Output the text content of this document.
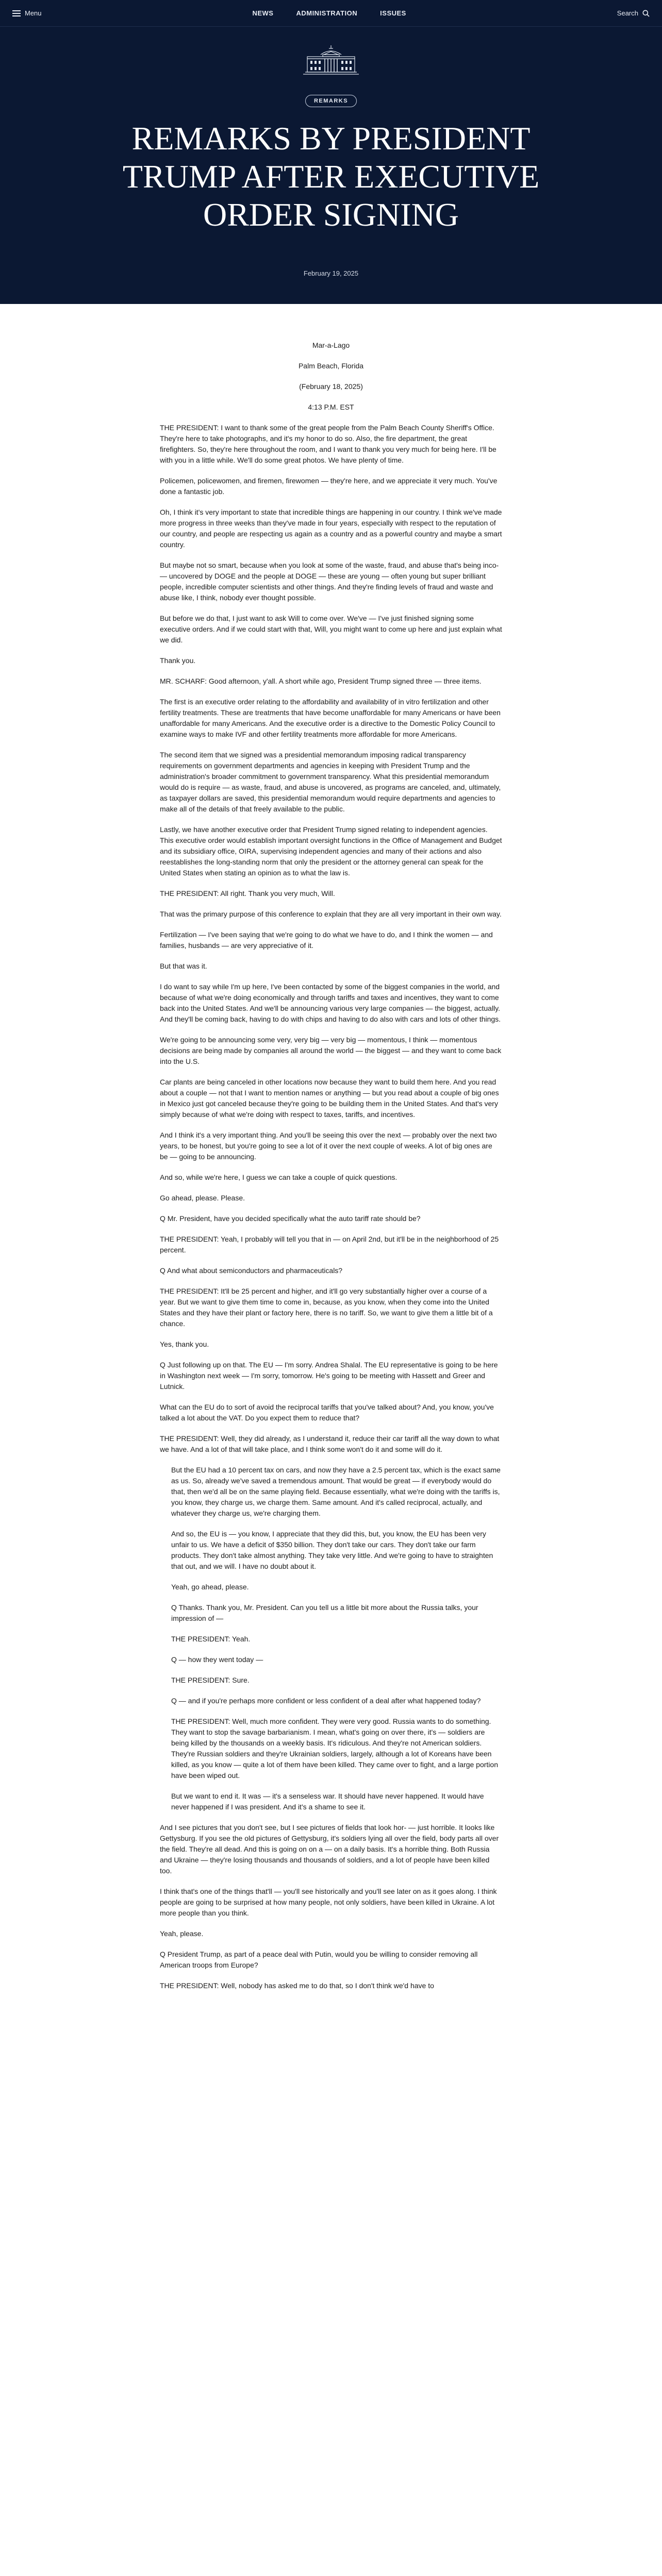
Menu	NEWS	ADMINISTRATION	ISSUES	Search
REMARKS
REMARKS BY PRESIDENT TRUMP AFTER EXECUTIVE ORDER SIGNING
February 19, 2025

Mar-a-Lago

Palm Beach, Florida

(February 18, 2025)

4:13 P.M. EST

THE PRESIDENT: I want to thank some of the great people from the Palm Beach County Sheriff's Office. They're here to take photographs, and it's my honor to do so. Also, the fire department, the great firefighters. So, they're here throughout the room, and I want to thank you very much for being here. I'll be with you in a little while. We'll do some great photos. We have plenty of time.

Policemen, policewomen, and firemen, firewomen — they're here, and we appreciate it very much. You've done a fantastic job.

Oh, I think it's very important to state that incredible things are happening in our country. I think we've made more progress in three weeks than they've made in four years, especially with respect to the reputation of our country, and people are respecting us again as a country and as a powerful country and maybe a smart country.

But maybe not so smart, because when you look at some of the waste, fraud, and abuse that's being inco- — uncovered by DOGE and the people at DOGE — these are young — often young but super brilliant people, incredible computer scientists and other things. And they're finding levels of fraud and waste and abuse like, I think, nobody ever thought possible.

But before we do that, I just want to ask Will to come over. We've — I've just finished signing some executive orders. And if we could start with that, Will, you might want to come up here and just explain what we did.

Thank you.

MR. SCHARF: Good afternoon, y'all. A short while ago, President Trump signed three — three items.

The first is an executive order relating to the affordability and availability of in vitro fertilization and other fertility treatments. These are treatments that have become unaffordable for many Americans or have been unaffordable for many Americans. And the executive order is a directive to the Domestic Policy Council to examine ways to make IVF and other fertility treatments more affordable for more Americans.

The second item that we signed was a presidential memorandum imposing radical transparency requirements on government departments and agencies in keeping with President Trump and the administration's broader commitment to government transparency. What this presidential memorandum would do is require — as waste, fraud, and abuse is uncovered, as programs are canceled, and, ultimately, as taxpayer dollars are saved, this presidential memorandum would require departments and agencies to make all of the details of that freely available to the public.

Lastly, we have another executive order that President Trump signed relating to independent agencies. This executive order would establish important oversight functions in the Office of Management and Budget and its subsidiary office, OIRA, supervising independent agencies and many of their actions and also reestablishes the long-standing norm that only the president or the attorney general can speak for the United States when stating an opinion as to what the law is.

THE PRESIDENT: All right. Thank you very much, Will.

That was the primary purpose of this conference to explain that they are all very important in their own way.

Fertilization — I've been saying that we're going to do what we have to do, and I think the women — and families, husbands — are very appreciative of it.

But that was it.

I do want to say while I'm up here, I've been contacted by some of the biggest companies in the world, and because of what we're doing economically and through tariffs and taxes and incentives, they want to come back into the United States. And we'll be announcing various very large companies — the biggest, actually. And they'll be coming back, having to do with chips and having to do also with cars and lots of other things.

We're going to be announcing some very, very big — very big — momentous, I think — momentous decisions are being made by companies all around the world — the biggest — and they want to come back into the U.S.

Car plants are being canceled in other locations now because they want to build them here. And you read about a couple — not that I want to mention names or anything — but you read about a couple of big ones in Mexico just got canceled because they're going to be building them in the United States. And that's very simply because of what we're doing with respect to taxes, tariffs, and incentives.

And I think it's a very important thing. And you'll be seeing this over the next — probably over the next two years, to be honest, but you're going to see a lot of it over the next couple of weeks. A lot of big ones are be — going to be announcing.

And so, while we're here, I guess we can take a couple of quick questions.

Go ahead, please. Please.

Q Mr. President, have you decided specifically what the auto tariff rate should be?

THE PRESIDENT: Yeah, I probably will tell you that in — on April 2nd, but it'll be in the neighborhood of 25 percent.

Q And what about semiconductors and pharmaceuticals?

THE PRESIDENT: It'll be 25 percent and higher, and it'll go very substantially higher over a course of a year. But we want to give them time to come in, because, as you know, when they come into the United States and they have their plant or factory here, there is no tariff. So, we want to give them a little bit of a chance.

Yes, thank you.

Q Just following up on that. The EU — I'm sorry. Andrea Shalal. The EU representative is going to be here in Washington next week — I'm sorry, tomorrow. He's going to be meeting with Hassett and Greer and Lutnick.

What can the EU do to sort of avoid the reciprocal tariffs that you've talked about? And, you know, you've talked a lot about the VAT. Do you expect them to reduce that?

THE PRESIDENT: Well, they did already, as I understand it, reduce their car tariff all the way down to what we have. And a lot of that will take place, and I think some won't do it and some will do it.

But the EU had a 10 percent tax on cars, and now they have a 2.5 percent tax, which is the exact same as us. So, already we've saved a tremendous amount. That would be great — if everybody would do that, then we'd all be on the same playing field. Because essentially, what we're doing with the tariffs is, you know, they charge us, we charge them. Same amount. And it's called reciprocal, actually, and whatever they charge us, we're charging them.

And so, the EU is — you know, I appreciate that they did this, but, you know, the EU has been very unfair to us. We have a deficit of $350 billion. They don't take our cars. They don't take our farm products. They don't take almost anything. They take very little. And we're going to have to straighten that out, and we will. I have no doubt about it.

Yeah, go ahead, please.

Q Thanks. Thank you, Mr. President. Can you tell us a little bit more about the Russia talks, your impression of —

THE PRESIDENT: Yeah.

Q — how they went today —

THE PRESIDENT: Sure.

Q — and if you're perhaps more confident or less confident of a deal after what happened today?

THE PRESIDENT: Well, much more confident. They were very good. Russia wants to do something. They want to stop the savage barbarianism. I mean, what's going on over there, it's — soldiers are being killed by the thousands on a weekly basis. It's ridiculous. And they're not American soldiers. They're Russian soldiers and they're Ukrainian soldiers, largely, although a lot of Koreans have been killed, as you know — quite a lot of them have been killed. They came over to fight, and a large portion have been wiped out.

But we want to end it. It was — it's a senseless war. It should have never happened. It would have never happened if I was president. And it's a shame to see it.

And I see pictures that you don't see, but I see pictures of fields that look hor- — just horrible. It looks like Gettysburg. If you see the old pictures of Gettysburg, it's soldiers lying all over the field, body parts all over the field. They're all dead. And this is going on on a — on a daily basis. It's a horrible thing. Both Russia and Ukraine — they're losing thousands and thousands of soldiers, and a lot of people have been killed too.

I think that's one of the things that'll — you'll see historically and you'll see later on as it goes along. I think people are going to be surprised at how many people, not only soldiers, have been killed in Ukraine. A lot more people than you think.

Yeah, please.

Q President Trump, as part of a peace deal with Putin, would you be willing to consider removing all American troops from Europe?

THE PRESIDENT: Well, nobody has asked me to do that, so I don't think we'd have to
